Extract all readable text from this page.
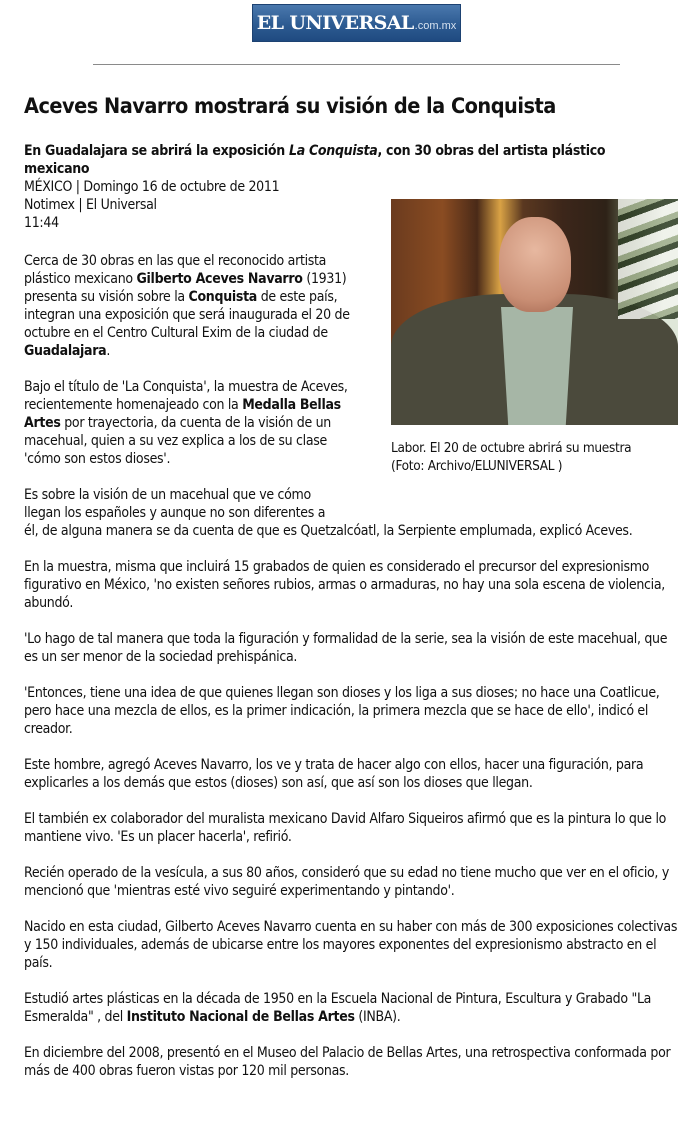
EL UNIVERSAL .com.mx
Aceves Navarro mostrará su visión de la Conquista
En Guadalajara se abrirá la exposición La Conquista, con 30 obras del artista plástico mexicano
MÉXICO | Domingo 16 de octubre de 2011
Notimex | El Universal
11:44
Labor. El 20 de octubre abrirá su muestra
(Foto: Archivo/ELUNIVERSAL )

Cerca de 30 obras en las que el reconocido artista plástico mexicano Gilberto Aceves Navarro (1931) presenta su visión sobre la Conquista de este país, integran una exposición que será inaugurada el 20 de octubre en el Centro Cultural Exim de la ciudad de Guadalajara.

Bajo el título de 'La Conquista', la muestra de Aceves, recientemente homenajeado con la Medalla Bellas Artes por trayectoria, da cuenta de la visión de un macehual, quien a su vez explica a los de su clase 'cómo son estos dioses'.

Es sobre la visión de un macehual que ve cómo
llegan los españoles y aunque no son diferentes a
él, de alguna manera se da cuenta de que es Quetzalcóatl, la Serpiente emplumada, explicó Aceves.

En la muestra, misma que incluirá 15 grabados de quien es considerado el precursor del expresionismo figurativo en México, 'no existen señores rubios, armas o armaduras, no hay una sola escena de violencia, abundó.

'Lo hago de tal manera que toda la figuración y formalidad de la serie, sea la visión de este macehual, que es un ser menor de la sociedad prehispánica.

'Entonces, tiene una idea de que quienes llegan son dioses y los liga a sus dioses; no hace una Coatlicue, pero hace una mezcla de ellos, es la primer indicación, la primera mezcla que se hace de ello', indicó el creador.

Este hombre, agregó Aceves Navarro, los ve y trata de hacer algo con ellos, hacer una figuración, para explicarles a los demás que estos (dioses) son así, que así son los dioses que llegan.

El también ex colaborador del muralista mexicano David Alfaro Siqueiros afirmó que es la pintura lo que lo mantiene vivo. 'Es un placer hacerla', refirió.

Recién operado de la vesícula, a sus 80 años, consideró que su edad no tiene mucho que ver en el oficio, y mencionó que 'mientras esté vivo seguiré experimentando y pintando'.

Nacido en esta ciudad, Gilberto Aceves Navarro cuenta en su haber con más de 300 exposiciones colectivas y 150 individuales, además de ubicarse entre los mayores exponentes del expresionismo abstracto en el país.

Estudió artes plásticas en la década de 1950 en la Escuela Nacional de Pintura, Escultura y Grabado "La Esmeralda" , del Instituto Nacional de Bellas Artes (INBA).

En diciembre del 2008, presentó en el Museo del Palacio de Bellas Artes, una retrospectiva conformada por más de 400 obras fueron vistas por 120 mil personas.
